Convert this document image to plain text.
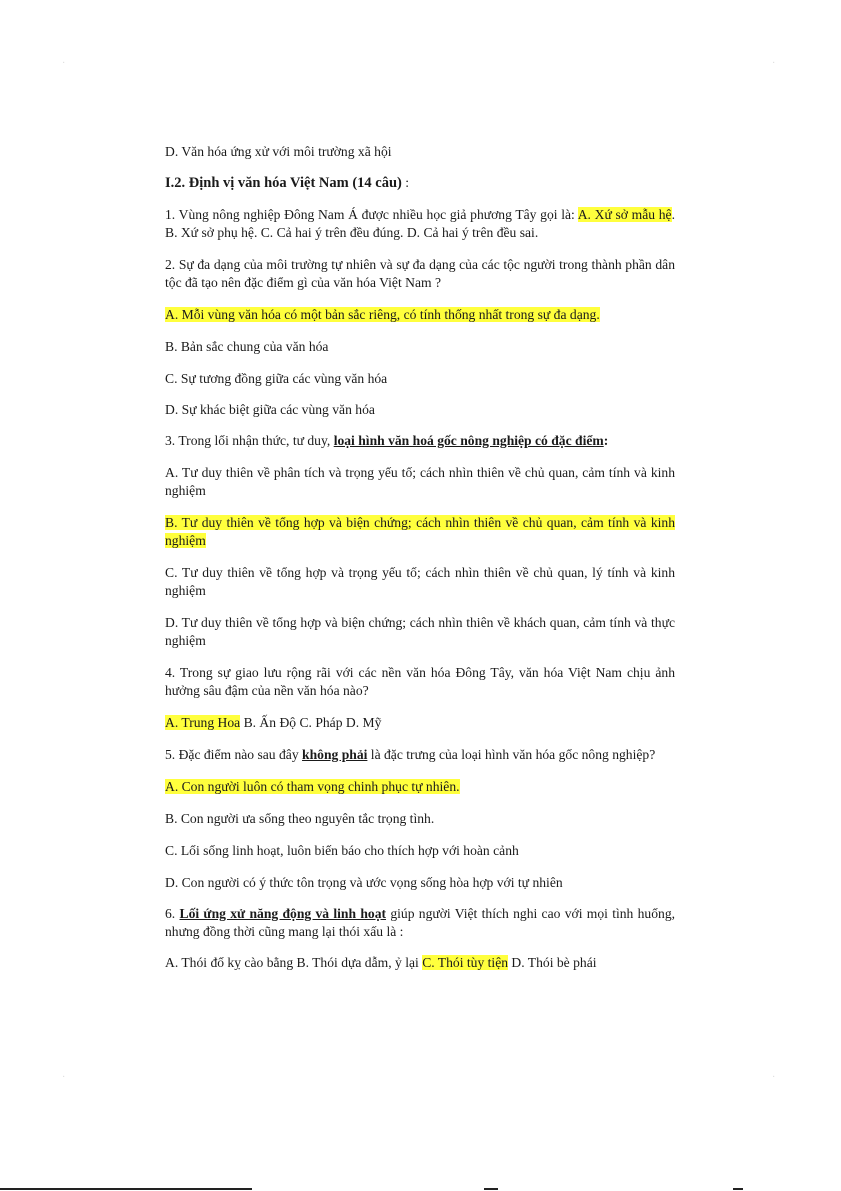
·	·
·	·

D. Văn hóa ứng xử với môi trường xã hội

I.2. Định vị văn hóa Việt Nam (14 câu) :

1. Vùng nông nghiệp Đông Nam Á được nhiều học giả phương Tây gọi là: A. Xứ sở mẫu hệ. B. Xứ sở phụ hệ. C. Cả hai ý trên đều đúng. D. Cả hai ý trên đều sai.

2. Sự đa dạng của môi trường tự nhiên và sự đa dạng của các tộc người trong thành phần dân tộc đã tạo nên đặc điểm gì của văn hóa Việt Nam ?

A. Mỗi vùng văn hóa có một bản sắc riêng, có tính thống nhất trong sự đa dạng.

B. Bản sắc chung của văn hóa

C. Sự tương đồng giữa các vùng văn hóa

D. Sự khác biệt giữa các vùng văn hóa

3. Trong lối nhận thức, tư duy, loại hình văn hoá gốc nông nghiệp có đặc điểm:

A. Tư duy thiên về phân tích và trọng yếu tố; cách nhìn thiên về chủ quan, cảm tính và kinh nghiệm

B. Tư duy thiên về tổng hợp và biện chứng; cách nhìn thiên về chủ quan, cảm tính và kinh nghiệm

C. Tư duy thiên về tổng hợp và trọng yếu tố; cách nhìn thiên về chủ quan, lý tính và kinh nghiệm

D. Tư duy thiên về tổng hợp và biện chứng; cách nhìn thiên về khách quan, cảm tính và thực nghiệm

4. Trong sự giao lưu rộng rãi với các nền văn hóa Đông Tây, văn hóa Việt Nam chịu ảnh hưởng sâu đậm của nền văn hóa nào?

A. Trung Hoa B. Ấn Độ C. Pháp D. Mỹ

5. Đặc điểm nào sau đây không phải là đặc trưng của loại hình văn hóa gốc nông nghiệp?

A. Con người luôn có tham vọng chinh phục tự nhiên.

B. Con người ưa sống theo nguyên tắc trọng tình.

C. Lối sống linh hoạt, luôn biến báo cho thích hợp với hoàn cảnh

D. Con người có ý thức tôn trọng và ước vọng sống hòa hợp với tự nhiên

6. Lối ứng xử năng động và linh hoạt giúp người Việt thích nghi cao với mọi tình huống, nhưng đồng thời cũng mang lại thói xấu là :

A. Thói đố kỵ cào bằng B. Thói dựa dẫm, ỷ lại C. Thói tùy tiện D. Thói bè phái
